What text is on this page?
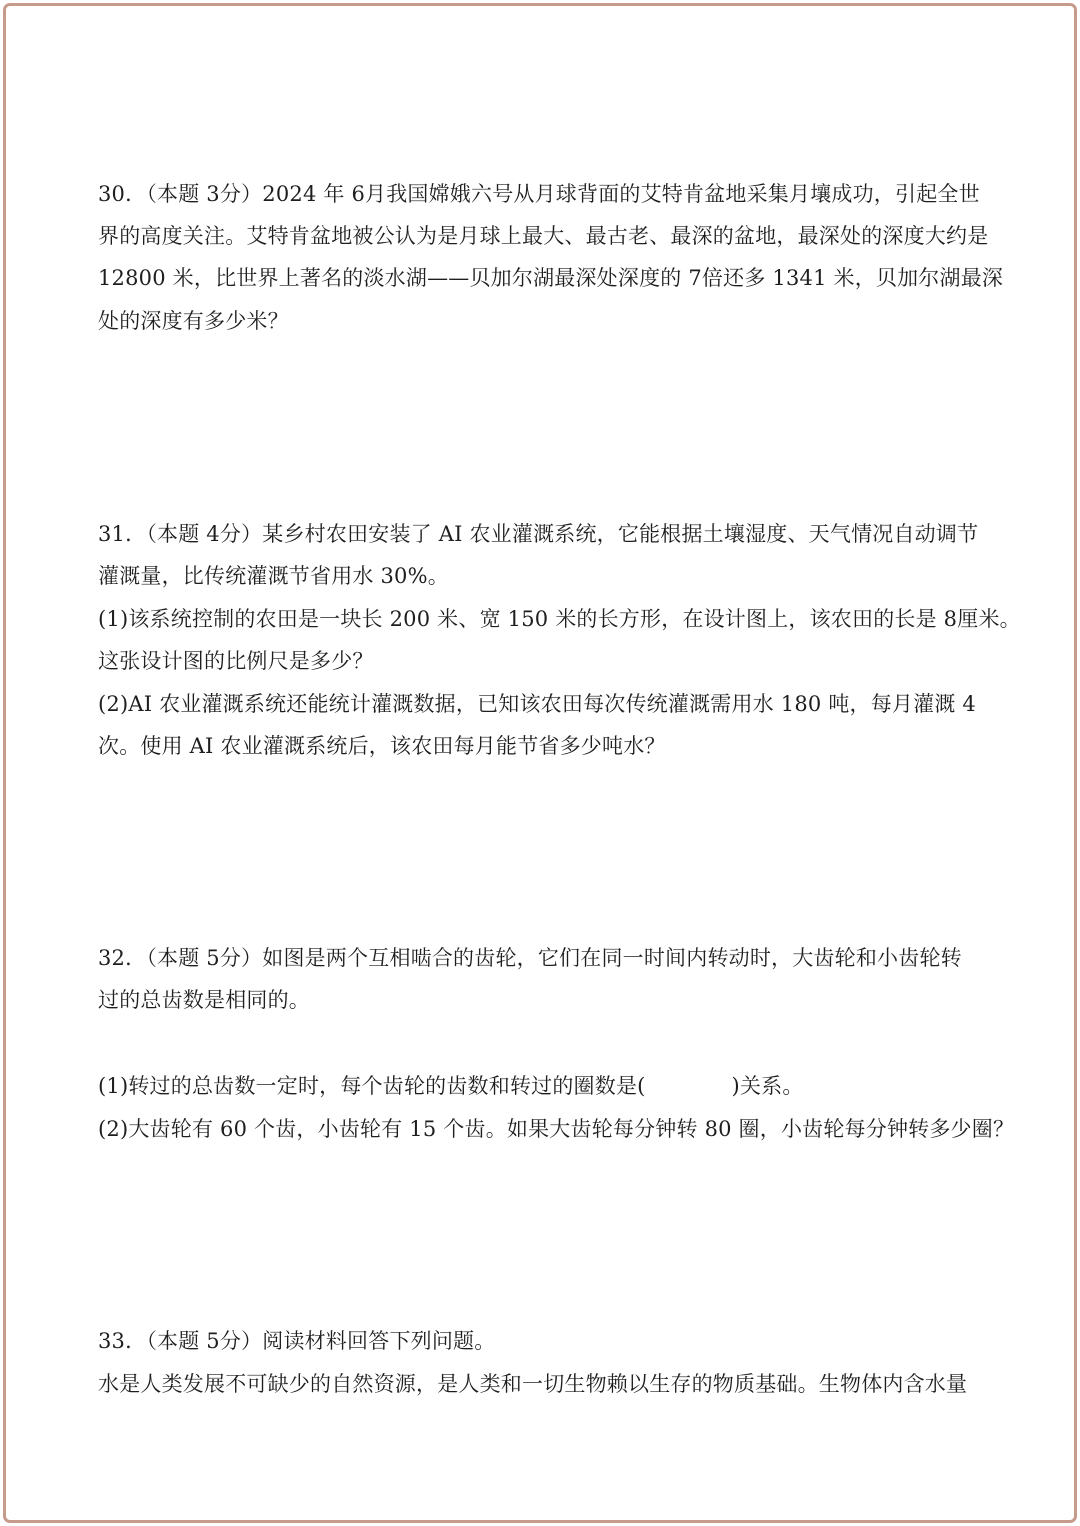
30．（本题 3分）2024 年 6月我国嫦娥六号从月球背面的艾特肯盆地采集月壤成功，引起全世
界的高度关注。艾特肯盆地被公认为是月球上最大、最古老、最深的盆地，最深处的深度大约是
12800 米，比世界上著名的淡水湖——贝加尔湖最深处深度的 7倍还多 1341 米，贝加尔湖最深
处的深度有多少米？
31．（本题 4分）某乡村农田安装了 AI 农业灌溉系统，它能根据土壤湿度、天气情况自动调节
灌溉量，比传统灌溉节省用水 30%。
(1)该系统控制的农田是一块长 200 米、宽 150 米的长方形，在设计图上，该农田的长是 8厘米。
这张设计图的比例尺是多少？
(2)AI 农业灌溉系统还能统计灌溉数据，已知该农田每次传统灌溉需用水 180 吨，每月灌溉 4
次。使用 AI 农业灌溉系统后，该农田每月能节省多少吨水？
32．（本题 5分）如图是两个互相啮合的齿轮，它们在同一时间内转动时，大齿轮和小齿轮转
过的总齿数是相同的。
(1)转过的总齿数一定时，每个齿轮的齿数和转过的圈数是(	)关系。
(2)大齿轮有 60 个齿，小齿轮有 15 个齿。如果大齿轮每分钟转 80 圈，小齿轮每分钟转多少圈？
33．（本题 5分）阅读材料回答下列问题。
水是人类发展不可缺少的自然资源，是人类和一切生物赖以生存的物质基础。生物体内含水量
